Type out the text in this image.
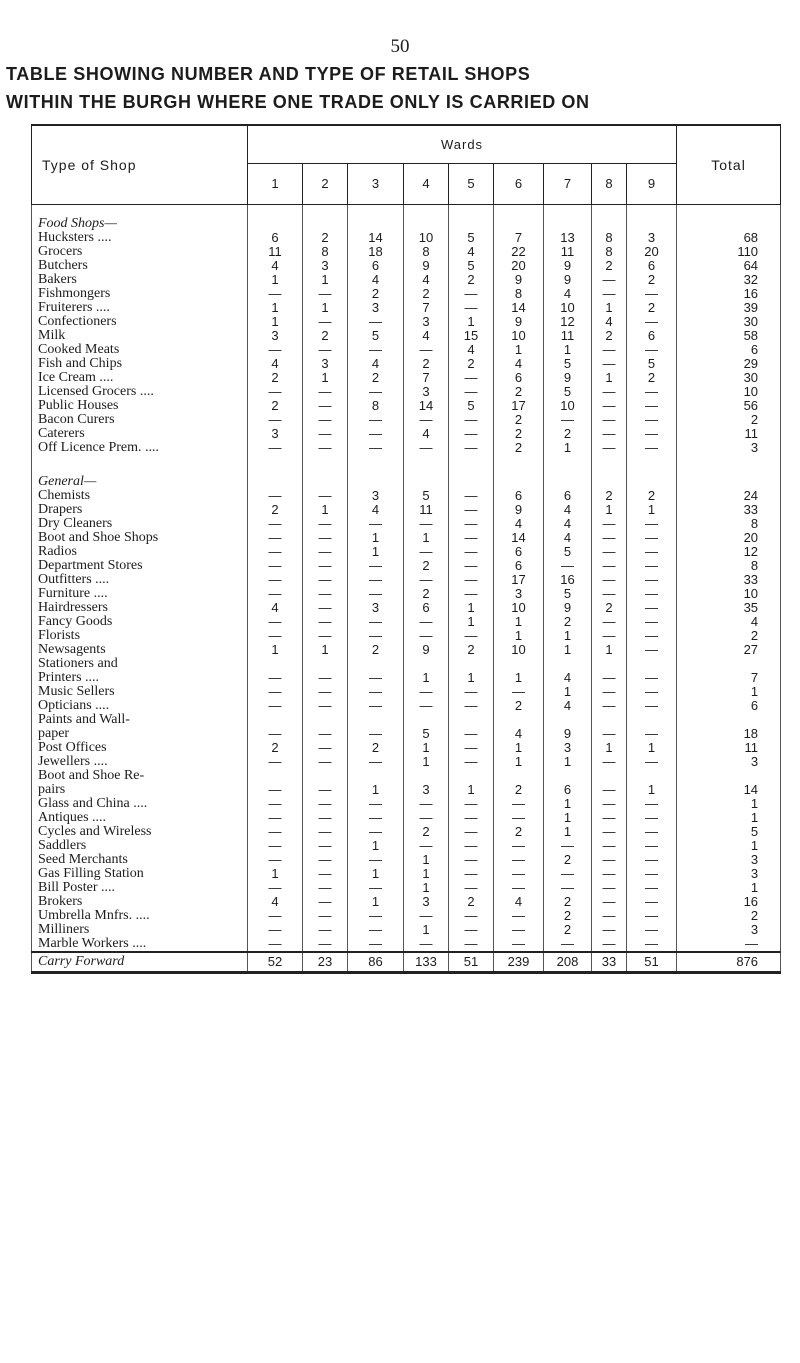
50
TABLE SHOWING NUMBER AND TYPE OF RETAIL SHOPS
WITHIN THE BURGH WHERE ONE TRADE ONLY IS CARRIED ON
Type of Shop	Wards									Total
	1	2	3	4	5	6	7	8	9	
Food Shops—										
Hucksters ....	6	2	14	10	5	7	13	8	3	68
Grocers	11	8	18	8	4	22	11	8	20	110
Butchers	4	3	6	9	5	20	9	2	6	64
Bakers	1	1	4	4	2	9	9	—	2	32
Fishmongers	—	—	2	2	—	8	4	—	—	16
Fruiterers ....	1	1	3	7	—	14	10	1	2	39
Confectioners	1	—	—	3	1	9	12	4	—	30
Milk	3	2	5	4	15	10	11	2	6	58
Cooked Meats	—	—	—	—	4	1	1	—	—	6
Fish and Chips	4	3	4	2	2	4	5	—	5	29
Ice Cream ....	2	1	2	7	—	6	9	1	2	30
Licensed Grocers ....	—	—	—	3	—	2	5	—	—	10
Public Houses	2	—	8	14	5	17	10	—	—	56
Bacon Curers	—	—	—	—	—	2	—	—	—	2
Caterers	3	—	—	4	—	2	2	—	—	11
Off Licence Prem. ....	—	—	—	—	—	2	1	—	—	3

General—										
Chemists	—	—	3	5	—	6	6	2	2	24
Drapers	2	1	4	11	—	9	4	1	1	33
Dry Cleaners	—	—	—	—	—	4	4	—	—	8
Boot and Shoe Shops	—	—	1	1	—	14	4	—	—	20
Radios	—	—	1	—	—	6	5	—	—	12
Department Stores	—	—	—	2	—	6	—	—	—	8
Outfitters ....	—	—	—	—	—	17	16	—	—	33
Furniture ....	—	—	—	2	—	3	5	—	—	10
Hairdressers	4	—	3	6	1	10	9	2	—	35
Fancy Goods	—	—	—	—	1	1	2	—	—	4
Florists	—	—	—	—	—	1	1	—	—	2
Newsagents	1	1	2	9	2	10	1	1	—	27
Stationers and										
Printers ....	—	—	—	1	1	1	4	—	—	7
Music Sellers	—	—	—	—	—	—	1	—	—	1
Opticians ....	—	—	—	—	—	2	4	—	—	6
Paints and Wall-										
paper	—	—	—	5	—	4	9	—	—	18
Post Offices	2	—	2	1	—	1	3	1	1	11
Jewellers ....	—	—	—	1	—	1	1	—	—	3
Boot and Shoe Re-										
pairs	—	—	1	3	1	2	6	—	1	14
Glass and China ....	—	—	—	—	—	—	1	—	—	1
Antiques ....	—	—	—	—	—	—	1	—	—	1
Cycles and Wireless	—	—	—	2	—	2	1	—	—	5
Saddlers	—	—	1	—	—	—	—	—	—	1
Seed Merchants	—	—	—	1	—	—	2	—	—	3
Gas Filling Station	1	—	1	1	—	—	—	—	—	3
Bill Poster ....	—	—	—	1	—	—	—	—	—	1
Brokers	4	—	1	3	2	4	2	—	—	16
Umbrella Mnfrs. ....	—	—	—	—	—	—	2	—	—	2
Milliners	—	—	—	1	—	—	2	—	—	3
Marble Workers ....	—	—	—	—	—	—	—	—	—	—
Carry Forward	52	23	86	133	51	239	208	33	51	876
